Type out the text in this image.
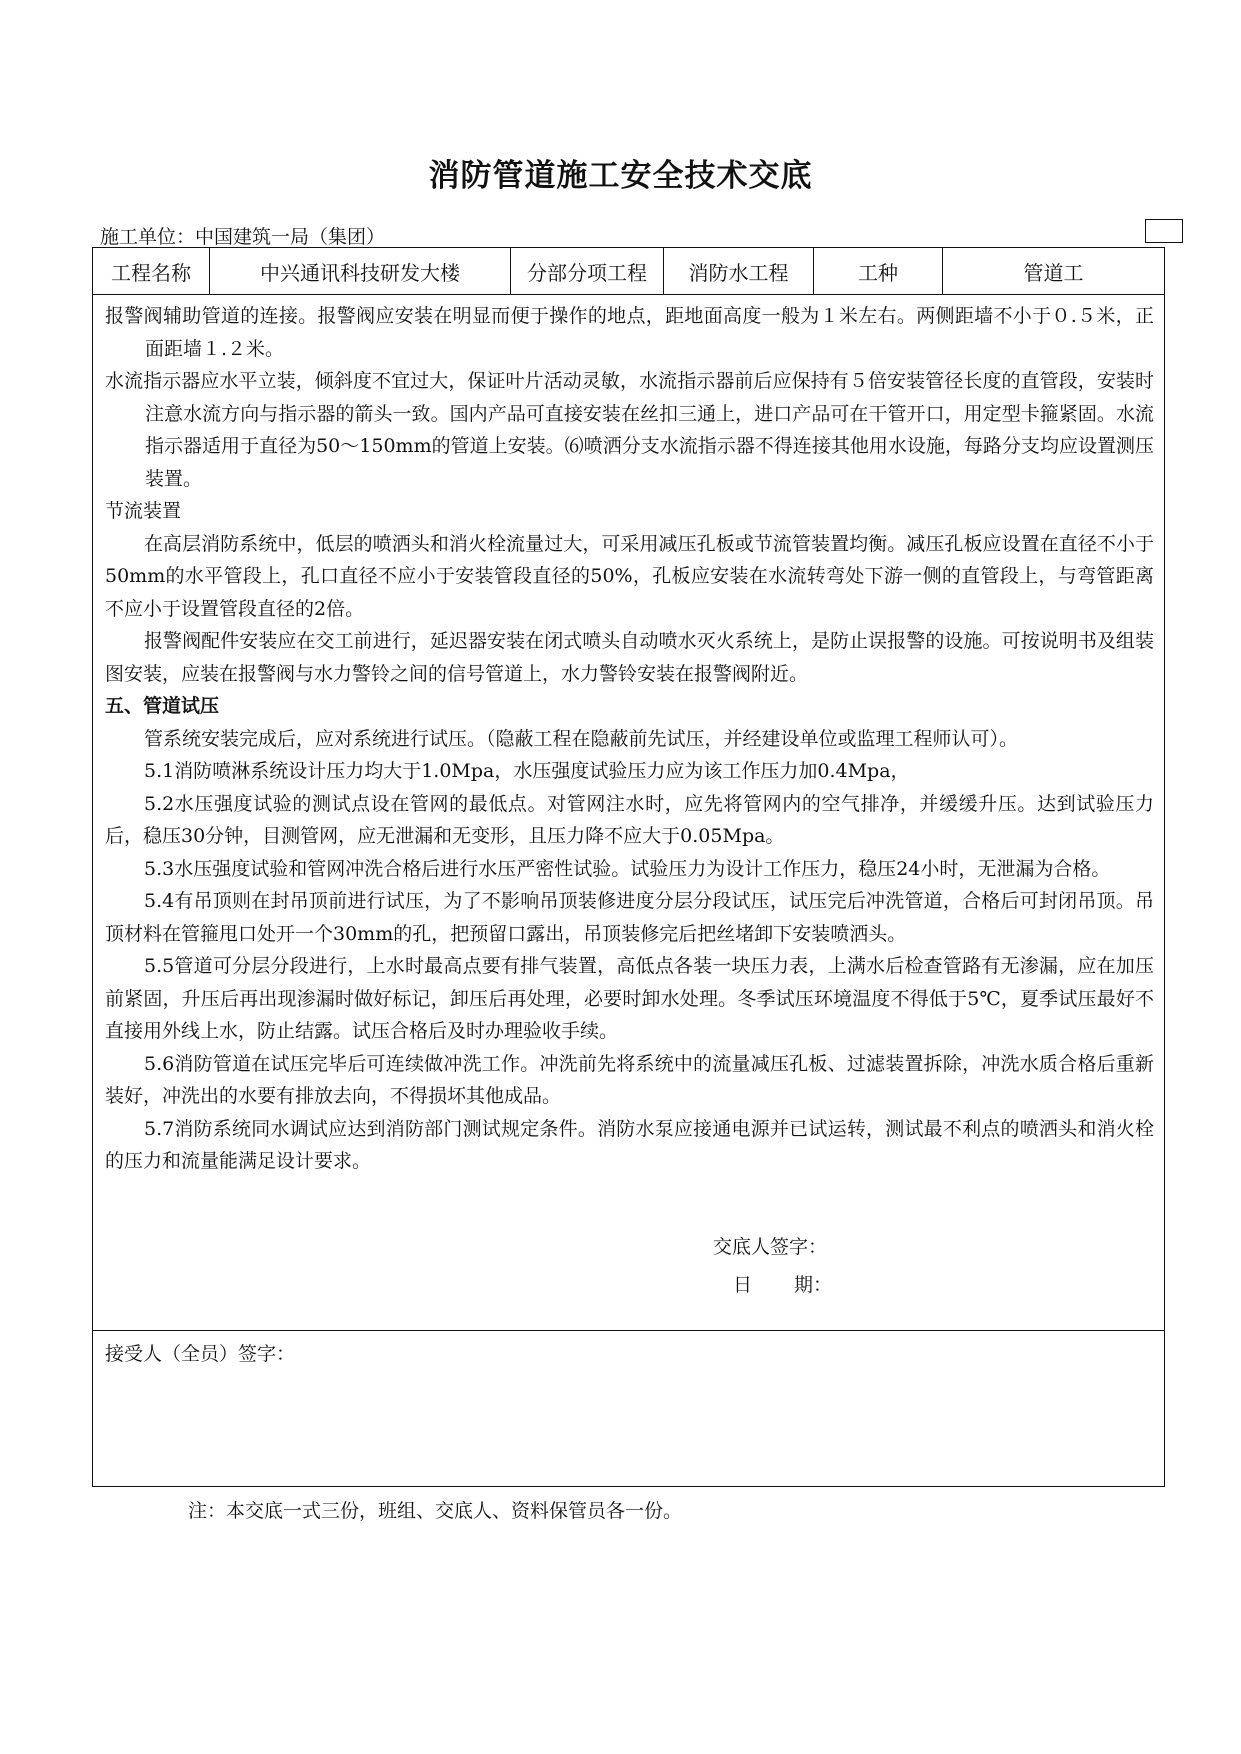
消防管道施工安全技术交底
施工单位：中国建筑一局（集团）
工程名称	中兴通讯科技研发大楼	分部分项工程	消防水工程	工种	管道工

报警阀辅助管道的连接。报警阀应安装在明显而便于操作的地点，距地面高度一般为１米左右。两侧距墙不小于０.５米，正面距墙１.２米。

水流指示器应水平立装，倾斜度不宜过大，保证叶片活动灵敏，水流指示器前后应保持有５倍安装管径长度的直管段，安装时注意水流方向与指示器的箭头一致。国内产品可直接安装在丝扣三通上，进口产品可在干管开口，用定型卡箍紧固。水流指示器适用于直径为50～150mm的管道上安装。⑹喷洒分支水流指示器不得连接其他用水设施，每路分支均应设置测压装置。

节流装置

在高层消防系统中，低层的喷洒头和消火栓流量过大，可采用减压孔板或节流管装置均衡。减压孔板应设置在直径不小于50mm的水平管段上，孔口直径不应小于安装管段直径的50%，孔板应安装在水流转弯处下游一侧的直管段上，与弯管距离不应小于设置管段直径的2倍。

报警阀配件安装应在交工前进行，延迟器安装在闭式喷头自动喷水灭火系统上，是防止误报警的设施。可按说明书及组装图安装，应装在报警阀与水力警铃之间的信号管道上，水力警铃安装在报警阀附近。

五、管道试压

管系统安装完成后，应对系统进行试压。（隐蔽工程在隐蔽前先试压，并经建设单位或监理工程师认可）。

5.1消防喷淋系统设计压力均大于1.0Mpa，水压强度试验压力应为该工作压力加0.4Mpa，

5.2水压强度试验的测试点设在管网的最低点。对管网注水时，应先将管网内的空气排净，并缓缓升压。达到试验压力后，稳压30分钟，目测管网，应无泄漏和无变形，且压力降不应大于0.05Mpa。

5.3水压强度试验和管网冲洗合格后进行水压严密性试验。试验压力为设计工作压力，稳压24小时，无泄漏为合格。

5.4有吊顶则在封吊顶前进行试压，为了不影响吊顶装修进度分层分段试压，试压完后冲洗管道，合格后可封闭吊顶。吊顶材料在管箍甩口处开一个30mm的孔，把预留口露出，吊顶装修完后把丝堵卸下安装喷洒头。

5.5管道可分层分段进行，上水时最高点要有排气装置，高低点各装一块压力表，上满水后检查管路有无渗漏，应在加压前紧固，升压后再出现渗漏时做好标记，卸压后再处理，必要时卸水处理。冬季试压环境温度不得低于5℃，夏季试压最好不直接用外线上水，防止结露。试压合格后及时办理验收手续。

5.6消防管道在试压完毕后可连续做冲洗工作。冲洗前先将系统中的流量减压孔板、过滤装置拆除，冲洗水质合格后重新装好，冲洗出的水要有排放去向，不得损坏其他成品。

5.7消防系统同水调试应达到消防部门测试规定条件。消防水泵应接通电源并已试运转，测试最不利点的喷洒头和消火栓的压力和流量能满足设计要求。

交底人签字：
日 期：
接受人（全员）签字：
注：本交底一式三份，班组、交底人、资料保管员各一份。
